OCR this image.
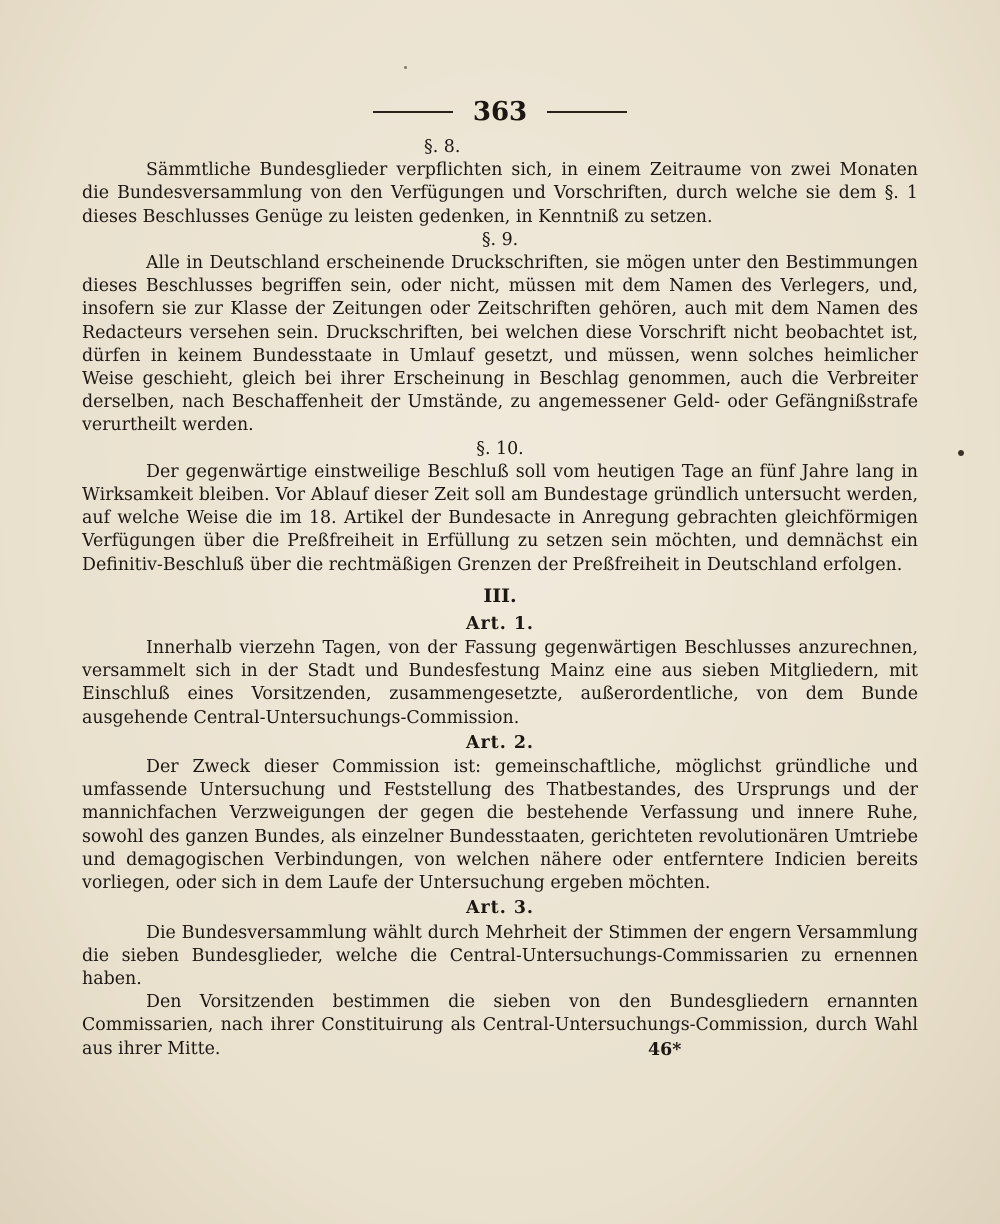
363
§. 8.

Sämmtliche Bundesglieder verpflichten sich, in einem Zeitraume von zwei Monaten die Bundesversammlung von den Verfügungen und Vorschriften, durch welche sie dem §. 1 dieses Beschlusses Genüge zu leisten gedenken, in Kenntniß zu setzen.

§. 9.

Alle in Deutschland erscheinende Druckschriften, sie mögen unter den Bestimmungen dieses Beschlusses begriffen sein, oder nicht, müssen mit dem Namen des Verlegers, und, insofern sie zur Klasse der Zeitungen oder Zeitschriften gehören, auch mit dem Namen des Redacteurs versehen sein. Druckschriften, bei welchen diese Vorschrift nicht beobachtet ist, dürfen in keinem Bundesstaate in Umlauf gesetzt, und müssen, wenn solches heimlicher Weise geschieht, gleich bei ihrer Erscheinung in Beschlag genommen, auch die Verbreiter derselben, nach Beschaffenheit der Umstände, zu angemessener Geld- oder Gefängnißstrafe verurtheilt werden.

§. 10.

Der gegenwärtige einstweilige Beschluß soll vom heutigen Tage an fünf Jahre lang in Wirksamkeit bleiben. Vor Ablauf dieser Zeit soll am Bundestage gründlich untersucht werden, auf welche Weise die im 18. Artikel der Bundesacte in Anregung gebrachten gleichförmigen Verfügungen über die Preßfreiheit in Erfüllung zu setzen sein möchten, und demnächst ein Definitiv-Beschluß über die rechtmäßigen Grenzen der Preßfreiheit in Deutschland erfolgen.

III.
Art. 1.

Innerhalb vierzehn Tagen, von der Fassung gegenwärtigen Beschlusses anzurechnen, versammelt sich in der Stadt und Bundesfestung Mainz eine aus sieben Mitgliedern, mit Einschluß eines Vorsitzenden, zusammengesetzte, außerordentliche, von dem Bunde ausgehende Central-Untersuchungs-Commission.

Art. 2.

Der Zweck dieser Commission ist: gemeinschaftliche, möglichst gründliche und umfassende Untersuchung und Feststellung des Thatbestandes, des Ursprungs und der mannichfachen Verzweigungen der gegen die bestehende Verfassung und innere Ruhe, sowohl des ganzen Bundes, als einzelner Bundesstaaten, gerichteten revolutionären Umtriebe und demagogischen Verbindungen, von welchen nähere oder entferntere Indicien bereits vorliegen, oder sich in dem Laufe der Untersuchung ergeben möchten.

Art. 3.

Die Bundesversammlung wählt durch Mehrheit der Stimmen der engern Versammlung die sieben Bundesglieder, welche die Central-Untersuchungs-Commissarien zu ernennen haben.

Den Vorsitzenden bestimmen die sieben von den Bundesgliedern ernannten Commissarien, nach ihrer Constituirung als Central-Untersuchungs-Commission, durch Wahl aus ihrer Mitte.	46*
